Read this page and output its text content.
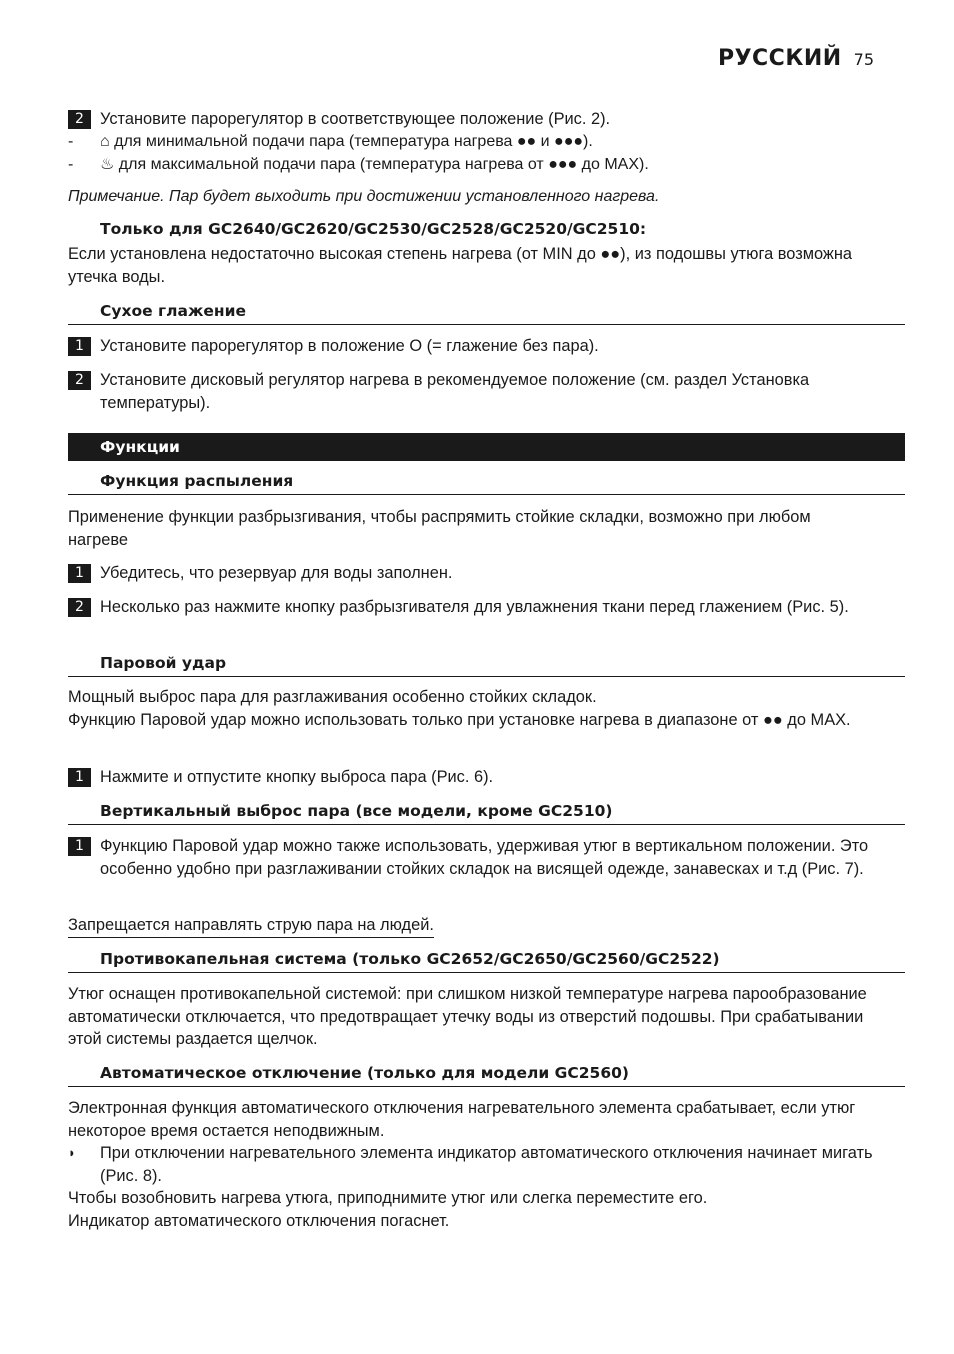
РУССКИЙ 75
2 Установите парорегулятор в соответствующее положение (Рис. 2).
-	⌂ для минимальной подачи пара (температура нагрева ●● и ●●●).
-	♨ для максимальной подачи пара (температура нагрева от ●●● до MAX).
Примечание. Пар будет выходить при достижении установленного нагрева.
Только для GC2640/GC2620/GC2530/GC2528/GC2520/GC2510:
Если установлена недостаточно высокая степень нагрева (от MIN до ●●), из подошвы утюга возможна утечка воды.
Сухое глажение
1 Установите парорегулятор в положение O (= глажение без пара).
2 Установите дисковый регулятор нагрева в рекомендуемое положение (см. раздел Установка температуры).
Функции
Функция распыления
Применение функции разбрызгивания, чтобы распрямить стойкие складки, возможно при любом нагреве
1 Убедитесь, что резервуар для воды заполнен.
2 Несколько раз нажмите кнопку разбрызгивателя для увлажнения ткани перед глажением (Рис. 5).
Паровой удар
Мощный выброс пара для разглаживания особенно стойких складок.
Функцию Паровой удар можно использовать только при установке нагрева в диапазоне от ●● до MAX.
1 Нажмите и отпустите кнопку выброса пара (Рис. 6).
Вертикальный выброс пара (все модели, кроме GC2510)
1 Функцию Паровой удар можно также использовать, удерживая утюг в вертикальном положении. Это особенно удобно при разглаживании стойких складок на висящей одежде, занавесках и т.д (Рис. 7).
Запрещается направлять струю пара на людей.
Противокапельная система (только GC2652/GC2650/GC2560/GC2522)
Утюг оснащен противокапельной системой: при слишком низкой температуре нагрева парообразование автоматически отключается, что предотвращает утечку воды из отверстий подошвы. При срабатывании этой системы раздается щелчок.
Автоматическое отключение (только для модели GC2560)
Электронная функция автоматического отключения нагревательного элемента срабатывает, если утюг некоторое время остается неподвижным.
◗	При отключении нагревательного элемента индикатор автоматического отключения начинает мигать (Рис. 8).
Чтобы возобновить нагрева утюга, приподнимите утюг или слегка переместите его.
Индикатор автоматического отключения погаснет.
